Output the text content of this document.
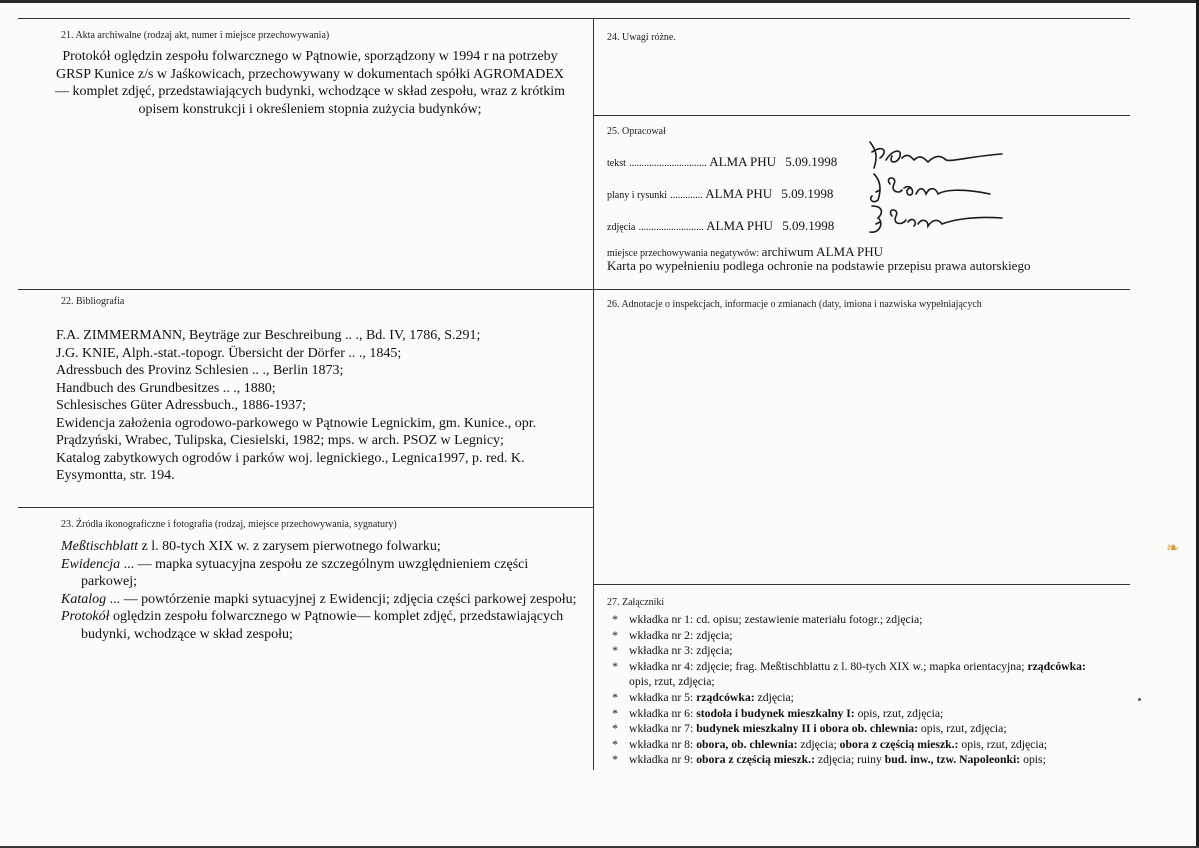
21. Akta archiwalne (rodzaj akt, numer i miejsce przechowywania)
Protokół oględzin zespołu folwarcznego w Pątnowie, sporządzony w 1994 r na potrzeby
GRSP Kunice z/s w Jaśkowicach, przechowywany w dokumentach spółki AGROMADEX
— komplet zdjęć, przedstawiających budynki, wchodzące w skład zespołu, wraz z krótkim
opisem konstrukcji i określeniem stopnia zużycia budynków;
24. Uwagi różne.
25. Opracował
tekst ............................... ALMA PHU 5.09.1998
plany i rysunki ............. ALMA PHU 5.09.1998
zdjęcia .......................... ALMA PHU 5.09.1998
miejsce przechowywania negatywów: archiwum ALMA PHU
Karta po wypełnieniu podlega ochronie na podstawie przepisu prawa autorskiego
22. Bibliografia
F.A. ZIMMERMANN, Beyträge zur Beschreibung .. ., Bd. IV, 1786, S.291;
J.G. KNIE, Alph.-stat.-topogr. Übersicht der Dörfer .. ., 1845;
Adressbuch des Provinz Schlesien .. ., Berlin 1873;
Handbuch des Grundbesitzes .. ., 1880;
Schlesisches Güter Adressbuch., 1886-1937;
Ewidencja założenia ogrodowo-parkowego w Pątnowie Legnickim, gm. Kunice., opr.
Prądzyński, Wrabec, Tulipska, Ciesielski, 1982; mps. w arch. PSOZ w Legnicy;
Katalog zabytkowych ogrodów i parków woj. legnickiego., Legnica1997, p. red. K.
Eysymontta, str. 194.
26. Adnotacje o inspekcjach, informacje o zmianach (daty, imiona i nazwiska wypełniających
23. Źródła ikonograficzne i fotografia (rodzaj, miejsce przechowywania, sygnatury)
Meßtischblatt z l. 80-tych XIX w. z zarysem pierwotnego folwarku;
Ewidencja ... — mapka sytuacyjna zespołu ze szczególnym uwzględnieniem części
parkowej;
Katalog ... — powtórzenie mapki sytuacyjnej z Ewidencji; zdjęcia części parkowej zespołu;
Protokół oględzin zespołu folwarcznego w Pątnowie— komplet zdjęć, przedstawiających
budynki, wchodzące w skład zespołu;
27. Załączniki
* wkładka nr 1: cd. opisu; zestawienie materiału fotogr.; zdjęcia;
* wkładka nr 2: zdjęcia;
* wkładka nr 3: zdjęcia;
* wkładka nr 4: zdjęcie; frag. Meßtischblattu z l. 80-tych XIX w.; mapka orientacyjna; rządcówka:
opis, rzut, zdjęcia;
* wkładka nr 5: rządcówka: zdjęcia;
* wkładka nr 6: stodoła i budynek mieszkalny I: opis, rzut, zdjęcia;
* wkładka nr 7: budynek mieszkalny II i obora ob. chlewnia: opis, rzut, zdjęcia;
* wkładka nr 8: obora, ob. chlewnia: zdjęcia; obora z częścią mieszk.: opis, rzut, zdjęcia;
* wkładka nr 9: obora z częścią mieszk.: zdjęcia; ruiny bud. inw., tzw. Napoleonki: opis;
❧
